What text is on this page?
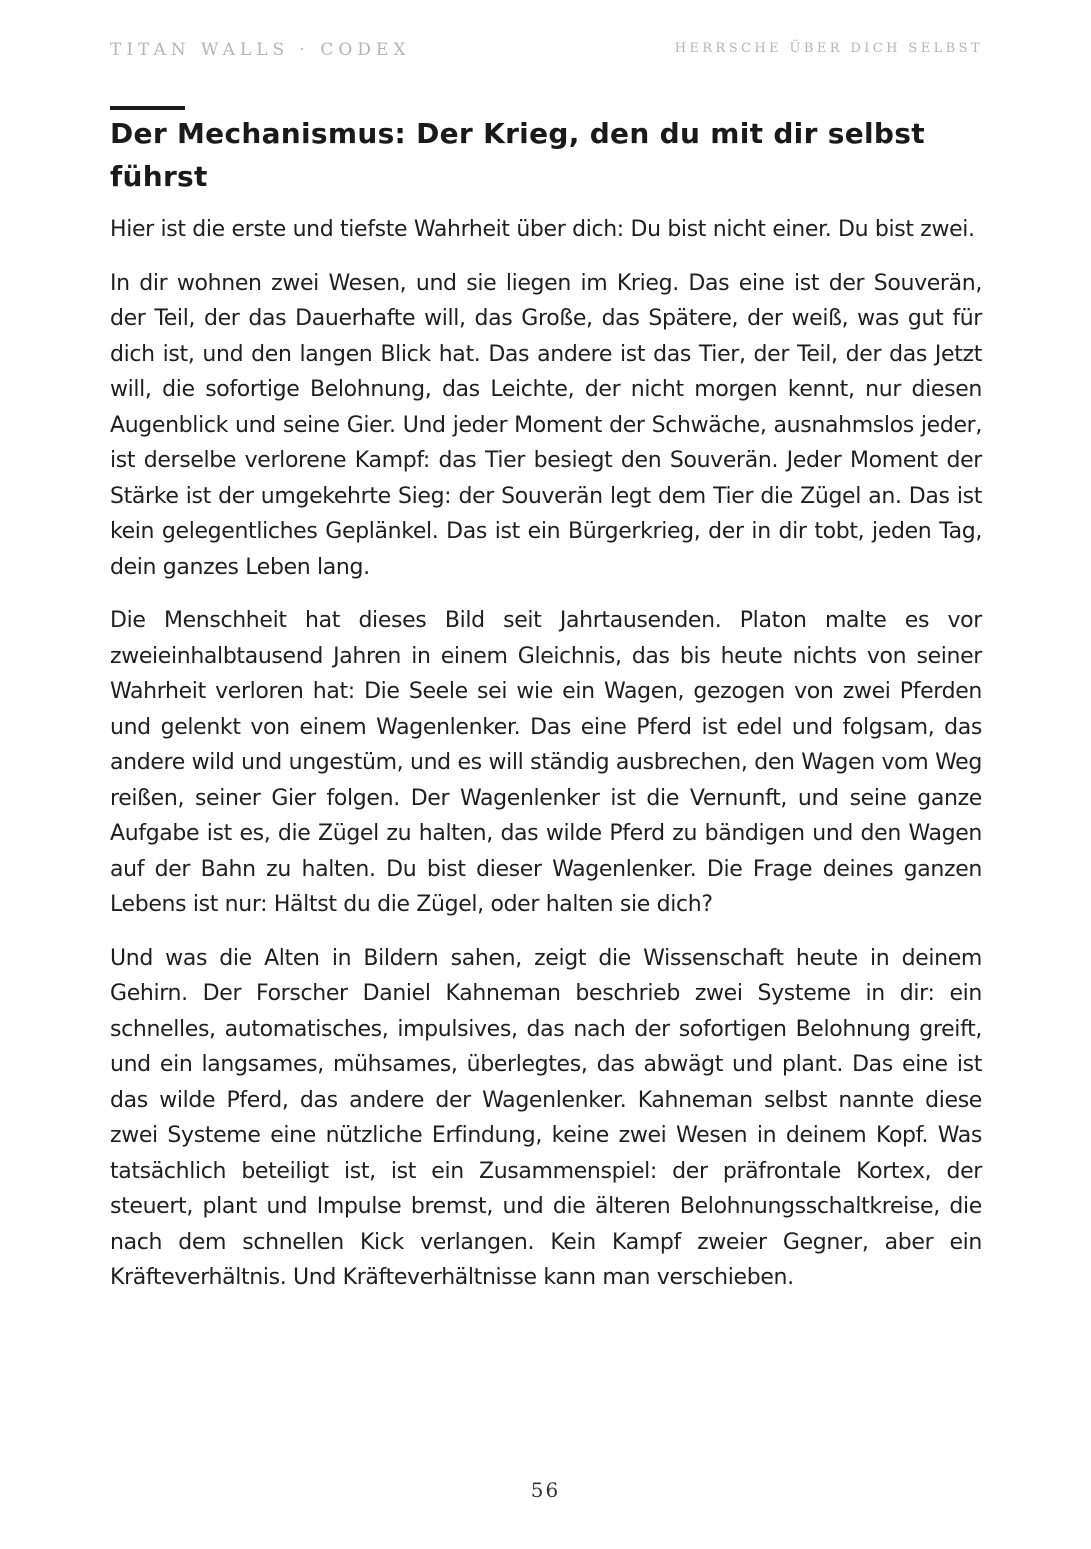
TITAN WALLS · CODEX	HERRSCHE ÜBER DICH SELBST
Der Mechanismus: Der Krieg, den du mit dir selbst führst

Hier ist die erste und tiefste Wahrheit über dich: Du bist nicht einer. Du bist zwei.

In dir wohnen zwei Wesen, und sie liegen im Krieg. Das eine ist der Souverän, der Teil, der das Dauerhafte will, das Große, das Spätere, der weiß, was gut für dich ist, und den langen Blick hat. Das andere ist das Tier, der Teil, der das Jetzt will, die sofortige Belohnung, das Leichte, der nicht morgen kennt, nur diesen Augenblick und seine Gier. Und jeder Moment der Schwäche, ausnahmslos jeder, ist derselbe verlorene Kampf: das Tier besiegt den Souverän. Jeder Moment der Stärke ist der umgekehrte Sieg: der Souverän legt dem Tier die Zügel an. Das ist kein gelegentliches Geplänkel. Das ist ein Bürgerkrieg, der in dir tobt, jeden Tag, dein ganzes Leben lang.

Die Menschheit hat dieses Bild seit Jahrtausenden. Platon malte es vor zweieinhalbtausend Jahren in einem Gleichnis, das bis heute nichts von seiner Wahrheit verloren hat: Die Seele sei wie ein Wagen, gezogen von zwei Pferden und gelenkt von einem Wagenlenker. Das eine Pferd ist edel und folgsam, das andere wild und ungestüm, und es will ständig ausbrechen, den Wagen vom Weg reißen, seiner Gier folgen. Der Wagenlenker ist die Vernunft, und seine ganze Aufgabe ist es, die Zügel zu halten, das wilde Pferd zu bändigen und den Wagen auf der Bahn zu halten. Du bist dieser Wagenlenker. Die Frage deines ganzen Lebens ist nur: Hältst du die Zügel, oder halten sie dich?

Und was die Alten in Bildern sahen, zeigt die Wissenschaft heute in deinem Gehirn. Der Forscher Daniel Kahneman beschrieb zwei Systeme in dir: ein schnelles, automatisches, impulsives, das nach der sofortigen Belohnung greift, und ein langsames, mühsames, überlegtes, das abwägt und plant. Das eine ist das wilde Pferd, das andere der Wagenlenker. Kahneman selbst nannte diese zwei Systeme eine nützliche Erfindung, keine zwei Wesen in deinem Kopf. Was tatsächlich beteiligt ist, ist ein Zusammenspiel: der präfrontale Kortex, der steuert, plant und Impulse bremst, und die älteren Belohnungsschaltkreise, die nach dem schnellen Kick verlangen. Kein Kampf zweier Gegner, aber ein Kräfteverhältnis. Und Kräfteverhältnisse kann man verschieben.

56
